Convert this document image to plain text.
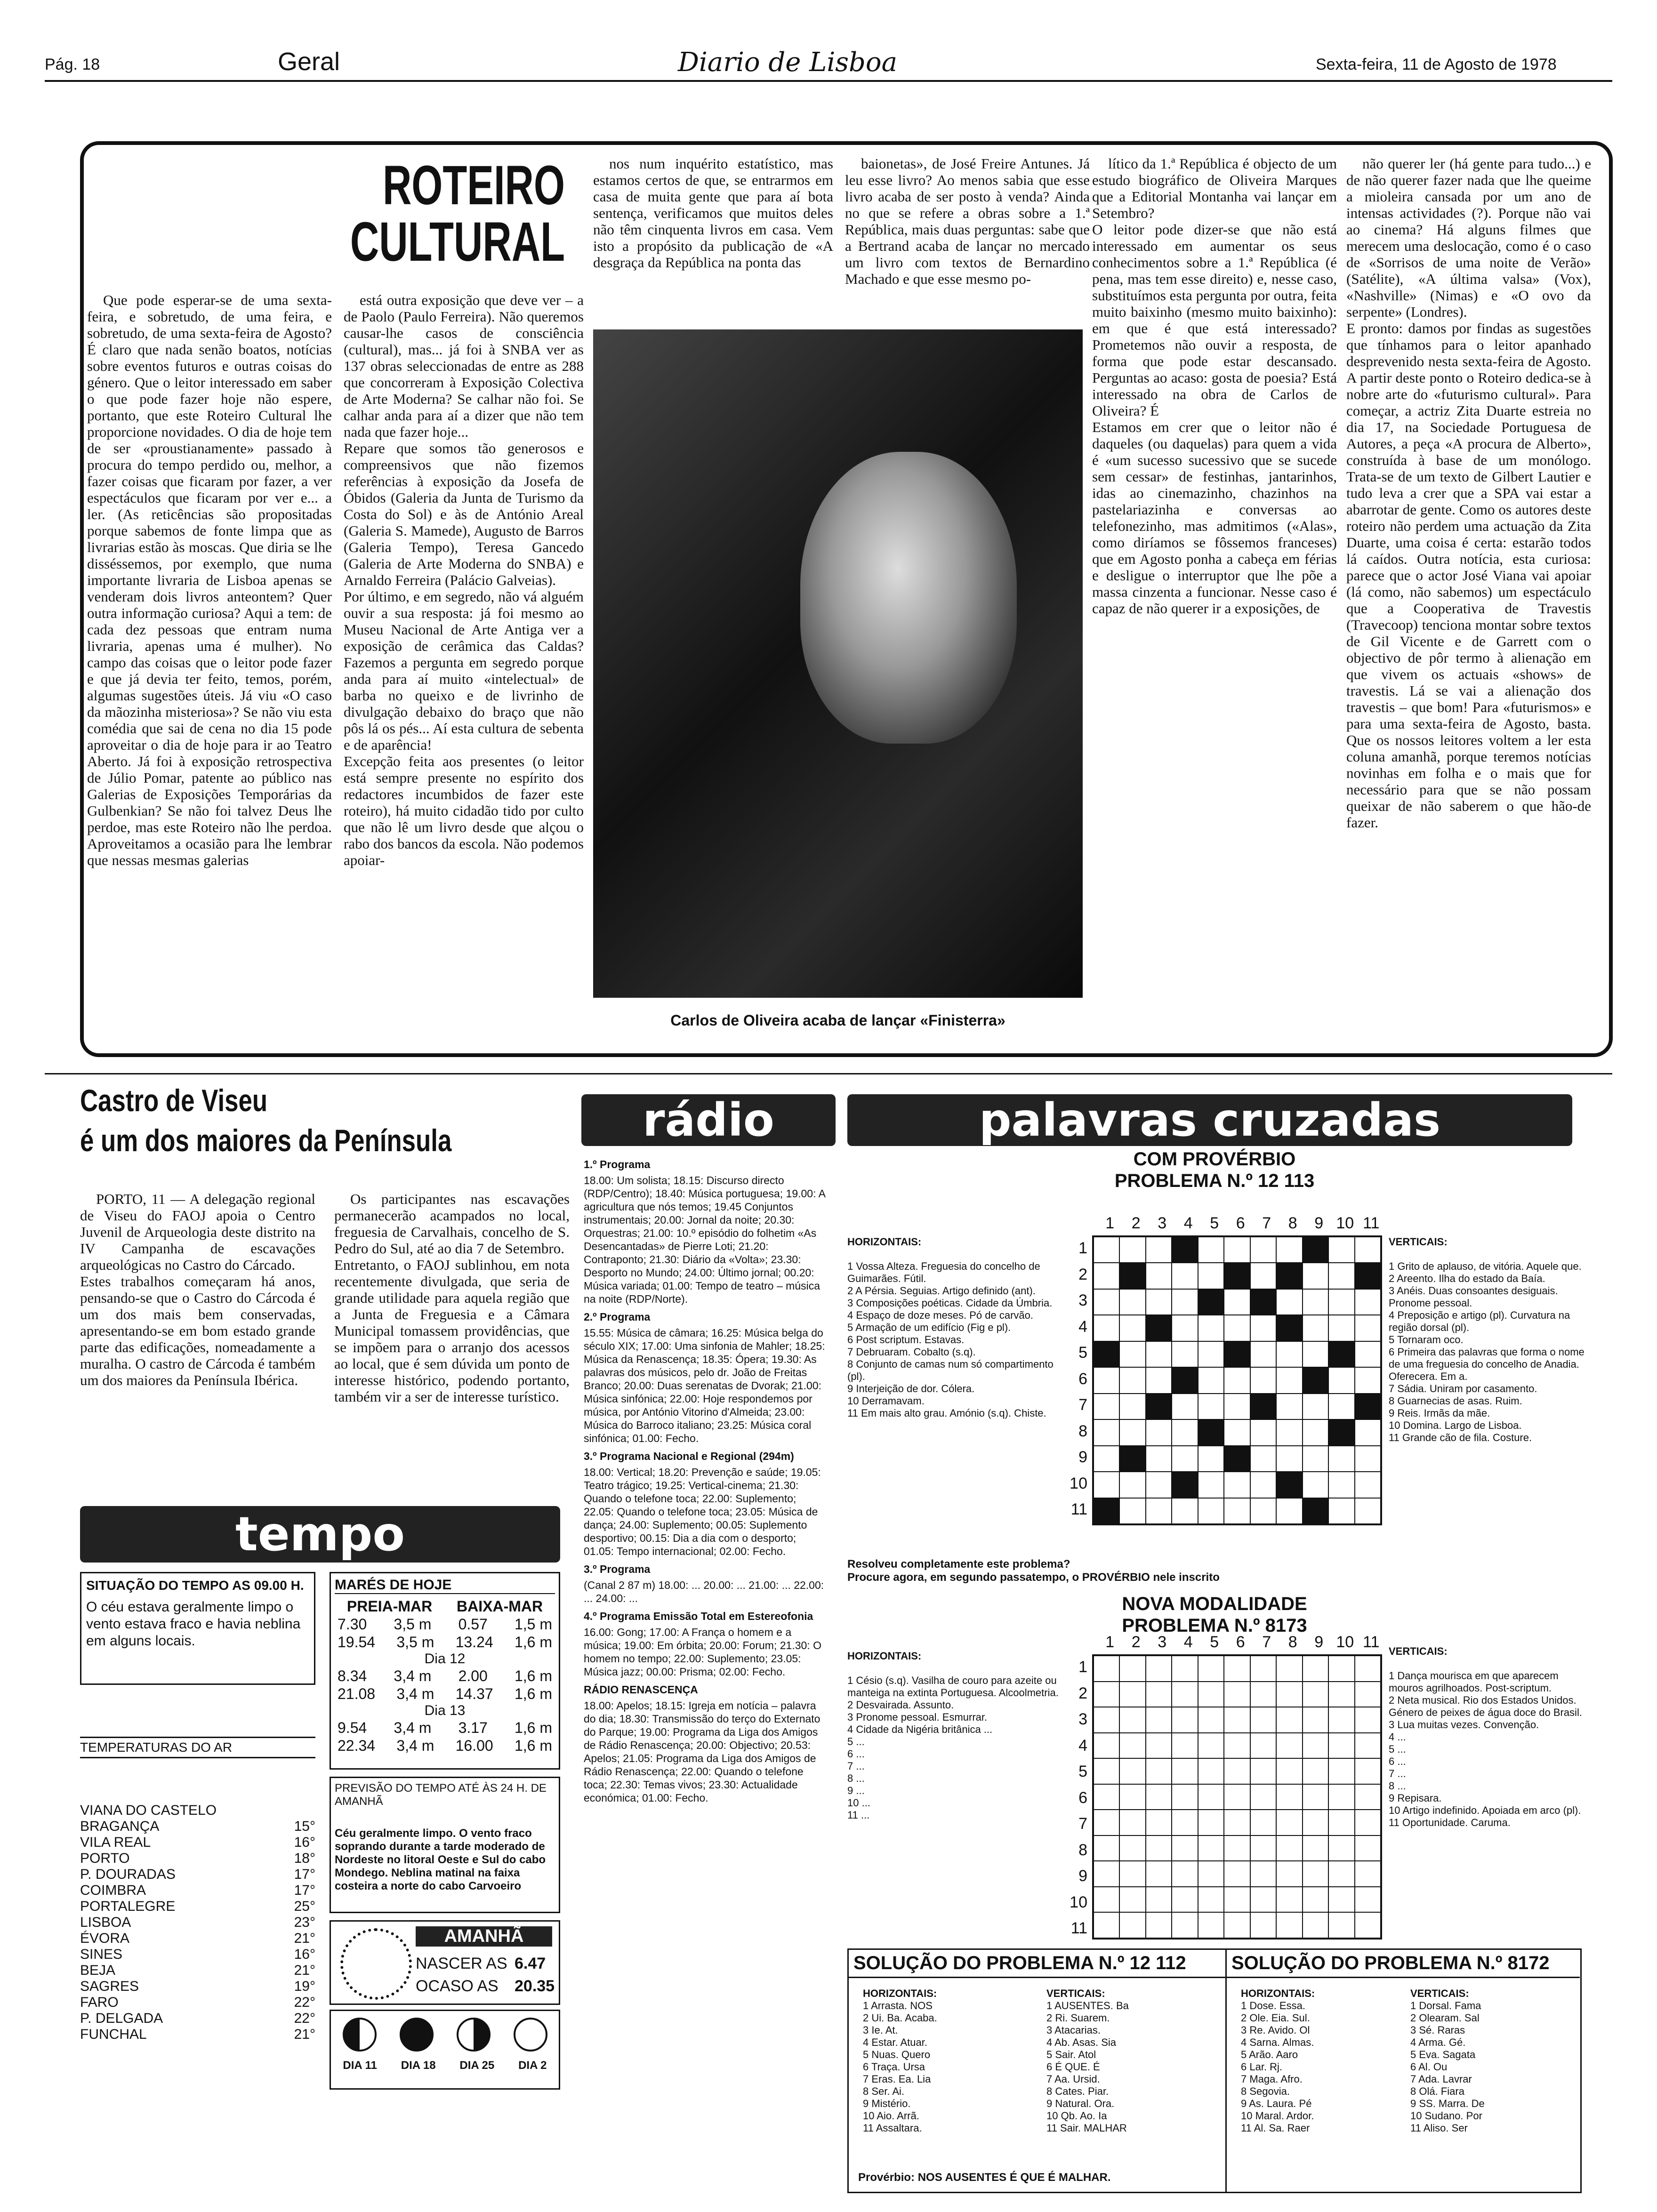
Pág. 18	Geral	Diario de Lisboa	Sexta-feira, 11 de Agosto de 1978
ROTEIRO
CULTURAL

Que pode esperar-se de uma sexta-feira, e sobretudo, de uma feira, e sobretudo, de uma sexta-feira de Agosto? É claro que nada senão boatos, notícias sobre eventos futuros e outras coisas do género. Que o leitor interessado em saber o que pode fazer hoje não espere, portanto, que este Roteiro Cultural lhe proporcione novidades. O dia de hoje tem de ser «proustianamente» passado à procura do tempo perdido ou, melhor, a fazer coisas que ficaram por fazer, a ver espectáculos que ficaram por ver e... a ler. (As reticências são propositadas porque sabemos de fonte limpa que as livrarias estão às moscas. Que diria se lhe disséssemos, por exemplo, que numa importante livraria de Lisboa apenas se venderam dois livros anteontem? Quer outra informação curiosa? Aqui a tem: de cada dez pessoas que entram numa livraria, apenas uma é mulher). No campo das coisas que o leitor pode fazer e que já devia ter feito, temos, porém, algumas sugestões úteis. Já viu «O caso da mãozinha misteriosa»? Se não viu esta comédia que sai de cena no dia 15 pode aproveitar o dia de hoje para ir ao Teatro Aberto. Já foi à exposição retrospectiva de Júlio Pomar, patente ao público nas Galerias de Exposições Temporárias da Gulbenkian? Se não foi talvez Deus lhe perdoe, mas este Roteiro não lhe perdoa. Aproveitamos a ocasião para lhe lembrar que nessas mesmas galerias

está outra exposição que deve ver – a de Paolo (Paulo Ferreira). Não queremos causar-lhe casos de consciência (cultural), mas... já foi à SNBA ver as 137 obras seleccionadas de entre as 288 que concorreram à Exposição Colectiva de Arte Moderna? Se calhar não foi. Se calhar anda para aí a dizer que não tem nada que fazer hoje...
Repare que somos tão generosos e compreensivos que não fizemos referências à exposição da Josefa de Óbidos (Galeria da Junta de Turismo da Costa do Sol) e às de António Areal (Galeria S. Mamede), Augusto de Barros (Galeria Tempo), Teresa Gancedo (Galeria de Arte Moderna do SNBA) e Arnaldo Ferreira (Palácio Galveias).
Por último, e em segredo, não vá alguém ouvir a sua resposta: já foi mesmo ao Museu Nacional de Arte Antiga ver a exposição de cerâmica das Caldas? Fazemos a pergunta em segredo porque anda para aí muito «intelectual» de barba no queixo e de livrinho de divulgação debaixo do braço que não pôs lá os pés... Aí esta cultura de sebenta e de aparência!
Excepção feita aos presentes (o leitor está sempre presente no espírito dos redactores incumbidos de fazer este roteiro), há muito cidadão tido por culto que não lê um livro desde que alçou o rabo dos bancos da escola. Não podemos apoiar-

nos num inquérito estatístico, mas estamos certos de que, se entrarmos em casa de muita gente que para aí bota sentença, verificamos que muitos deles não têm cinquenta livros em casa. Vem isto a propósito da publicação de «A desgraça da República na ponta das

baionetas», de José Freire Antunes. Já leu esse livro? Ao menos sabia que esse livro acaba de ser posto à venda? Ainda no que se refere a obras sobre a 1.ª República, mais duas perguntas: sabe que a Bertrand acaba de lançar no mercado um livro com textos de Bernardino Machado e que esse mesmo po-

Carlos de Oliveira acaba de lançar «Finisterra»

lítico da 1.ª República é objecto de um estudo biográfico de Oliveira Marques que a Editorial Montanha vai lançar em Setembro?
O leitor pode dizer-se que não está interessado em aumentar os seus conhecimentos sobre a 1.ª República (é pena, mas tem esse direito) e, nesse caso, substituímos esta pergunta por outra, feita muito baixinho (mesmo muito baixinho): em que é que está interessado? Prometemos não ouvir a resposta, de forma que pode estar descansado. Perguntas ao acaso: gosta de poesia? Está interessado na obra de Carlos de Oliveira? É
Estamos em crer que o leitor não é daqueles (ou daquelas) para quem a vida é «um sucesso sucessivo que se sucede sem cessar» de festinhas, jantarinhos, idas ao cinemazinho, chazinhos na pastelariazinha e conversas ao telefonezinho, mas admitimos («Alas», como diríamos se fôssemos franceses) que em Agosto ponha a cabeça em férias e desligue o interruptor que lhe põe a massa cinzenta a funcionar. Nesse caso é capaz de não querer ir a exposições, de

não querer ler (há gente para tudo...) e de não querer fazer nada que lhe queime a mioleira cansada por um ano de intensas actividades (?). Porque não vai ao cinema? Há alguns filmes que merecem uma deslocação, como é o caso de «Sorrisos de uma noite de Verão» (Satélite), «A última valsa» (Vox), «Nashville» (Nimas) e «O ovo da serpente» (Londres).
E pronto: damos por findas as sugestões que tínhamos para o leitor apanhado desprevenido nesta sexta-feira de Agosto. A partir deste ponto o Roteiro dedica-se à nobre arte do «futurismo cultural». Para começar, a actriz Zita Duarte estreia no dia 17, na Sociedade Portuguesa de Autores, a peça «A procura de Alberto», construída à base de um monólogo. Trata-se de um texto de Gilbert Lautier e tudo leva a crer que a SPA vai estar a abarrotar de gente. Como os autores deste roteiro não perdem uma actuação da Zita Duarte, uma coisa é certa: estarão todos lá caídos. Outra notícia, esta curiosa: parece que o actor José Viana vai apoiar (lá como, não sabemos) um espectáculo que a Cooperativa de Travestis (Travecoop) tenciona montar sobre textos de Gil Vicente e de Garrett com o objectivo de pôr termo à alienação em que vivem os actuais «shows» de travestis. Lá se vai a alienação dos travestis – que bom! Para «futurismos» e para uma sexta-feira de Agosto, basta. Que os nossos leitores voltem a ler esta coluna amanhã, porque teremos notícias novinhas em folha e o mais que for necessário para que se não possam queixar de não saberem o que hão-de fazer.

Castro de Viseu
é um dos maiores da Península

PORTO, 11 — A delegação regional de Viseu do FAOJ apoia o Centro Juvenil de Arqueologia deste distrito na IV Campanha de escavações arqueológicas no Castro do Cárcado.
Estes trabalhos começaram há anos, pensando-se que o Castro do Cárcoda é um dos mais bem conservadas, apresentando-se em bom estado grande parte das edificações, nomeadamente a muralha. O castro de Cárcoda é também um dos maiores da Península Ibérica.

Os participantes nas escavações permanecerão acampados no local, freguesia de Carvalhais, concelho de S. Pedro do Sul, até ao dia 7 de Setembro.
Entretanto, o FAOJ sublinhou, em nota recentemente divulgada, que seria de grande utilidade para aquela região que a Junta de Freguesia e a Câmara Municipal tomassem providências, que se impõem para o arranjo dos acessos ao local, que é sem dúvida um ponto de interesse histórico, podendo portanto, também vir a ser de interesse turístico.

tempo
SITUAÇÃO DO TEMPO AS 09.00 H.
O céu estava geralmente limpo o vento estava fraco e havia neblina em alguns locais.
TEMPERATURAS DO AR
VIANA DO CASTELO
BRAGANÇA	15°
VILA REAL	16°
PORTO	18°
P. DOURADAS	17°
COIMBRA	17°
PORTALEGRE	25°
LISBOA	23°
ÉVORA	21°
SINES	16°
BEJA	21°
SAGRES	19°
FARO	22°
P. DELGADA	22°
FUNCHAL	21°
MARÉS DE HOJE
PREIA-MAR BAIXA-MAR
7.30 3,5 m 0.57 1,5 m
19.54 3,5 m 13.24 1,6 m
Dia 12
8.34 3,4 m 2.00 1,6 m
21.08 3,4 m 14.37 1,6 m
Dia 13
9.54 3,4 m 3.17 1,6 m
22.34 3,4 m 16.00 1,6 m
PREVISÃO DO TEMPO ATÉ ÀS 24 H. DE AMANHÃ
Céu geralmente limpo. O vento fraco soprando durante a tarde moderado de Nordeste no litoral Oeste e Sul do cabo Mondego. Neblina matinal na faixa costeira a norte do cabo Carvoeiro
AMANHÃ
NASCER AS 6.47
OCASO AS 20.35
DIA 11 DIA 18 DIA 25 DIA 2
rádio
1.º Programa
18.00: Um solista; 18.15: Discurso directo (RDP/Centro); 18.40: Música portuguesa; 19.00: A agricultura que nós temos; 19.45 Conjuntos instrumentais; 20.00: Jornal da noite; 20.30: Orquestras; 21.00: 10.º episódio do folhetim «As Desencantadas» de Pierre Loti; 21.20: Contraponto; 21.30: Diário da «Volta»; 23.30: Desporto no Mundo; 24.00: Último jornal; 00.20: Música variada; 01.00: Tempo de teatro – música na noite (RDP/Norte).
2.º Programa
15.55: Música de câmara; 16.25: Música belga do século XIX; 17.00: Uma sinfonia de Mahler; 18.25: Música da Renascença; 18.35: Ópera; 19.30: As palavras dos músicos, pelo dr. João de Freitas Branco; 20.00: Duas serenatas de Dvorak; 21.00: Música sinfónica; 22.00: Hoje respondemos por música, por António Vitorino d'Almeida; 23.00: Música do Barroco italiano; 23.25: Música coral sinfónica; 01.00: Fecho.
3.º Programa Nacional e Regional (294m)
18.00: Vertical; 18.20: Prevenção e saúde; 19.05: Teatro trágico; 19.25: Vertical-cinema; 21.30: Quando o telefone toca; 22.00: Suplemento; 22.05: Quando o telefone toca; 23.05: Música de dança; 24.00: Suplemento; 00.05: Suplemento desportivo; 00.15: Dia a dia com o desporto; 01.05: Tempo internacional; 02.00: Fecho.
3.º Programa
(Canal 2 87 m) 18.00: ... 20.00: ... 21.00: ... 22.00: ... 24.00: ...
4.º Programa Emissão Total em Estereofonia
16.00: Gong; 17.00: A França o homem e a música; 19.00: Em órbita; 20.00: Forum; 21.30: O homem no tempo; 22.00: Suplemento; 23.05: Música jazz; 00.00: Prisma; 02.00: Fecho.
RÁDIO RENASCENÇA
18.00: Apelos; 18.15: Igreja em notícia – palavra do dia; 18.30: Transmissão do terço do Externato do Parque; 19.00: Programa da Liga dos Amigos de Rádio Renascença; 20.00: Objectivo; 20.53: Apelos; 21.05: Programa da Liga dos Amigos de Rádio Renascença; 22.00: Quando o telefone toca; 22.30: Temas vivos; 23.30: Actualidade económica; 01.00: Fecho.
palavras cruzadas
COM PROVÉRBIO
PROBLEMA N.º 12 113

HORIZONTAIS:

1 Vossa Alteza. Freguesia do concelho de Guimarães. Fútil.
2 A Pérsia. Seguias. Artigo definido (ant).
3 Composições poéticas. Cidade da Úmbria.
4 Espaço de doze meses. Pó de carvão.
5 Armação de um edifício (Fig e pl).
6 Post scriptum. Estavas.
7 Debruaram. Cobalto (s.q).
8 Conjunto de camas num só compartimento (pl).
9 Interjeição de dor. Cólera.
10 Derramavam.
11 Em mais alto grau. Amónio (s.q). Chiste.

1	2	3	4	5	6	7	8	9 10 11
1
2
3
4
5
6
7
8
9
10
11

VERTICAIS:

1 Grito de aplauso, de vitória. Aquele que.
2 Areento. Ilha do estado da Baía.
3 Anéis. Duas consoantes desiguais. Pronome pessoal.
4 Preposição e artigo (pl). Curvatura na região dorsal (pl).
5 Tornaram oco.
6 Primeira das palavras que forma o nome de uma freguesia do concelho de Anadia. Oferecera. Em a.
7 Sádia. Uniram por casamento.
8 Guarnecias de asas. Ruim.
9 Reis. Irmãs da mãe.
10 Domina. Largo de Lisboa.
11 Grande cão de fila. Costure.

Resolveu completamente este problema?
Procure agora, em segundo passatempo, o PROVÉRBIO nele inscrito
NOVA MODALIDADE
PROBLEMA N.º 8173

HORIZONTAIS:

1 Césio (s.q). Vasilha de couro para azeite ou manteiga na extinta Portuguesa. Alcoolmetria.
2 Desvairada. Assunto.
3 Pronome pessoal. Esmurrar.
4 Cidade da Nigéria britânica ...
5 ...
6 ...
7 ...
8 ...
9 ...
10 ...
11 ...

1	2	3	4	5	6	7	8	9 10 11
1
2
3
4
5
6
7
8
9
10
11

VERTICAIS:

1 Dança mourisca em que aparecem mouros agrilhoados. Post-scriptum.
2 Neta musical. Rio dos Estados Unidos. Género de peixes de água doce do Brasil.
3 Lua muitas vezes. Convenção.
4 ...
5 ...
6 ...
7 ...
8 ...
9 Repisara.
10 Artigo indefinido. Apoiada em arco (pl).
11 Oportunidade. Caruma.

SOLUÇÃO DO PROBLEMA N.º 12 112
HORIZONTAIS:
1 Arrasta. NOS
2 Ui. Ba. Acaba.
3 Ie. At.
4 Estar. Atuar.
5 Nuas. Quero
6 Traça. Ursa
7 Eras. Ea. Lia
8 Ser. Ai.
9 Mistério.
10 Aio. Arrã.
11 Assaltara.
VERTICAIS:
1 AUSENTES. Ba
2 Ri. Suarem.
3 Atacarias.
4 Ab. Asas. Sia
5 Sair. Atol
6 É QUE. É
7 Aa. Ursid.
8 Cates. Piar.
9 Natural. Ora.
10 Qb. Ao. Ia
11 Sair. MALHAR
Provérbio: NOS AUSENTES É QUE É MALHAR.
SOLUÇÃO DO PROBLEMA N.º 8172
HORIZONTAIS:
1 Dose. Essa.
2 Ole. Eia. Sul.
3 Re. Avido. Ol
4 Sarna. Almas.
5 Arão. Aaro
6 Lar. Rj.
7 Maga. Afro.
8 Segovia.
9 As. Laura. Pé
10 Maral. Ardor.
11 Al. Sa. Raer
VERTICAIS:
1 Dorsal. Fama
2 Olearam. Sal
3 Sé. Raras
4 Arma. Gé.
5 Eva. Sagata
6 Al. Ou
7 Ada. Lavrar
8 Olá. Fiara
9 SS. Marra. De
10 Sudano. Por
11 Aliso. Ser
